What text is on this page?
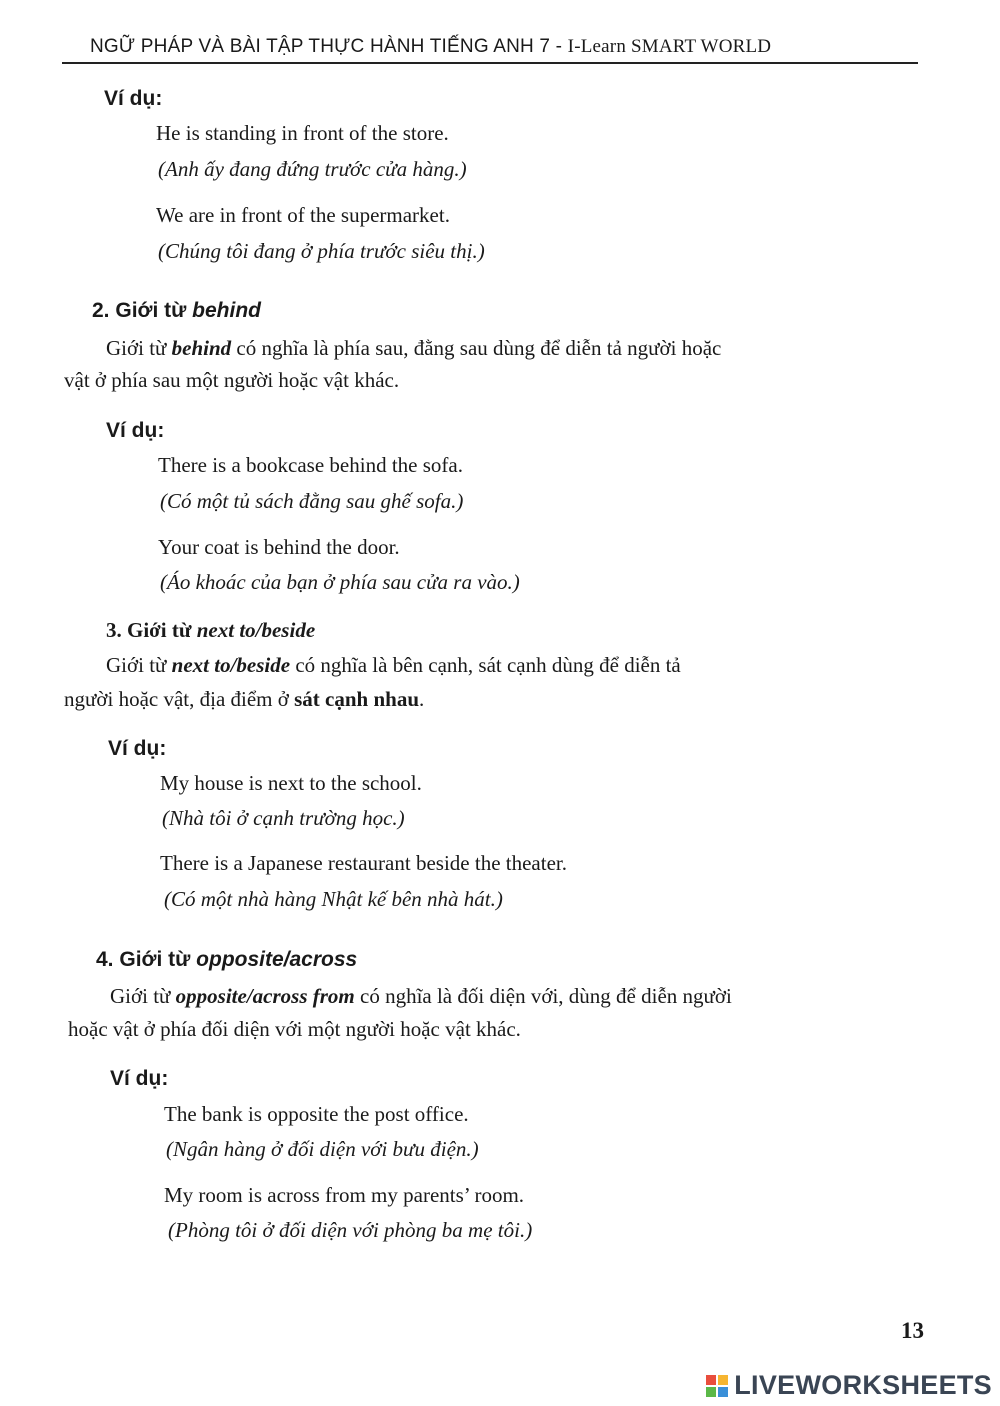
NGỮ PHÁP VÀ BÀI TẬP THỰC HÀNH TIẾNG ANH 7 - I-Learn SMART WORLD
Ví dụ:
He is standing in front of the store.
(Anh ấy đang đứng trước cửa hàng.)
We are in front of the supermarket.
(Chúng tôi đang ở phía trước siêu thị.)
2. Giới từ behind
Giới từ behind có nghĩa là phía sau, đằng sau dùng để diễn tả người hoặc
vật ở phía sau một người hoặc vật khác.
Ví dụ:
There is a bookcase behind the sofa.
(Có một tủ sách đằng sau ghế sofa.)
Your coat is behind the door.
(Áo khoác của bạn ở phía sau cửa ra vào.)
3. Giới từ next to/beside
Giới từ next to/beside có nghĩa là bên cạnh, sát cạnh dùng để diễn tả
người hoặc vật, địa điểm ở sát cạnh nhau.
Ví dụ:
My house is next to the school.
(Nhà tôi ở cạnh trường học.)
There is a Japanese restaurant beside the theater.
(Có một nhà hàng Nhật kế bên nhà hát.)
4. Giới từ opposite/across
Giới từ opposite/across from có nghĩa là đối diện với, dùng để diễn người
hoặc vật ở phía đối diện với một người hoặc vật khác.
Ví dụ:
The bank is opposite the post office.
(Ngân hàng ở đối diện với bưu điện.)
My room is across from my parents’ room.
(Phòng tôi ở đối diện với phòng ba mẹ tôi.)
13
LIVEWORKSHEETS
